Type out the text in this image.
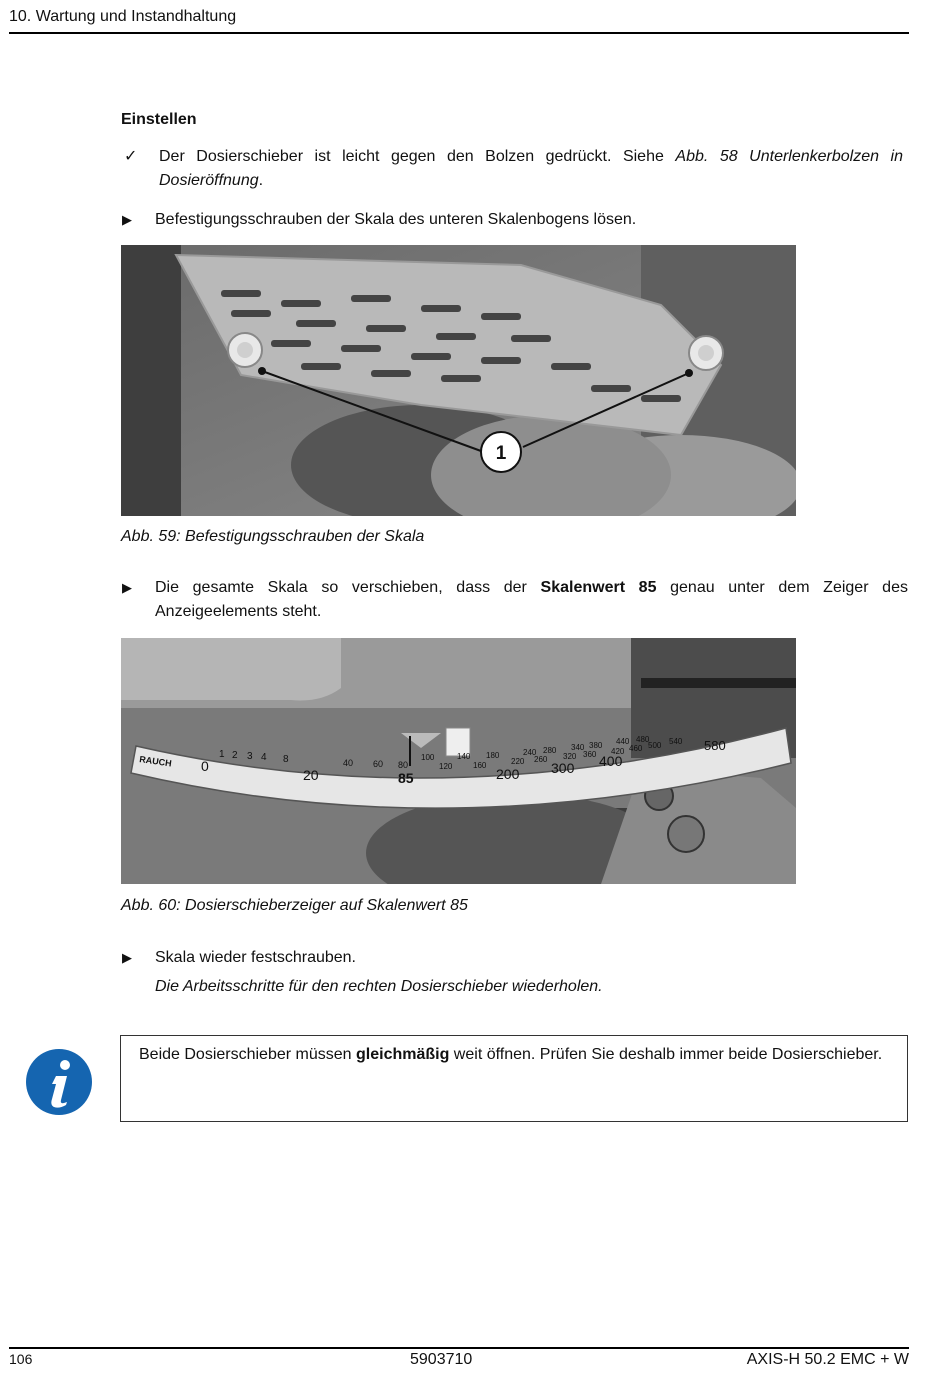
10. Wartung und Instandhaltung
Einstellen
✓ Der Dosierschieber ist leicht gegen den Bolzen gedrückt. Siehe Abb. 58 Unterlenkerbolzen in Dosieröffnung.
▶ Befestigungsschrauben der Skala des unteren Skalenbogens lösen.
1
Abb. 59: Befestigungsschrauben der Skala
▶ Die gesamte Skala so verschieben, dass der Skalenwert 85 genau unter dem Zeiger des Anzeigeelements steht.
RAUCH 0
20	85	200 300 400
580
1 2 3 4 8	40 60 80
100
120
140
160
180
220
240
260
280
320
340
360
380
420
440
460
480
500 540
Abb. 60: Dosierschieberzeiger auf Skalenwert 85
▶ Skala wieder festschrauben.
Die Arbeitsschritte für den rechten Dosierschieber wiederholen.
Beide Dosierschieber müssen gleichmäßig weit öffnen. Prüfen Sie deshalb immer beide Dosierschieber.
106	5903710	AXIS-H 50.2 EMC + W
